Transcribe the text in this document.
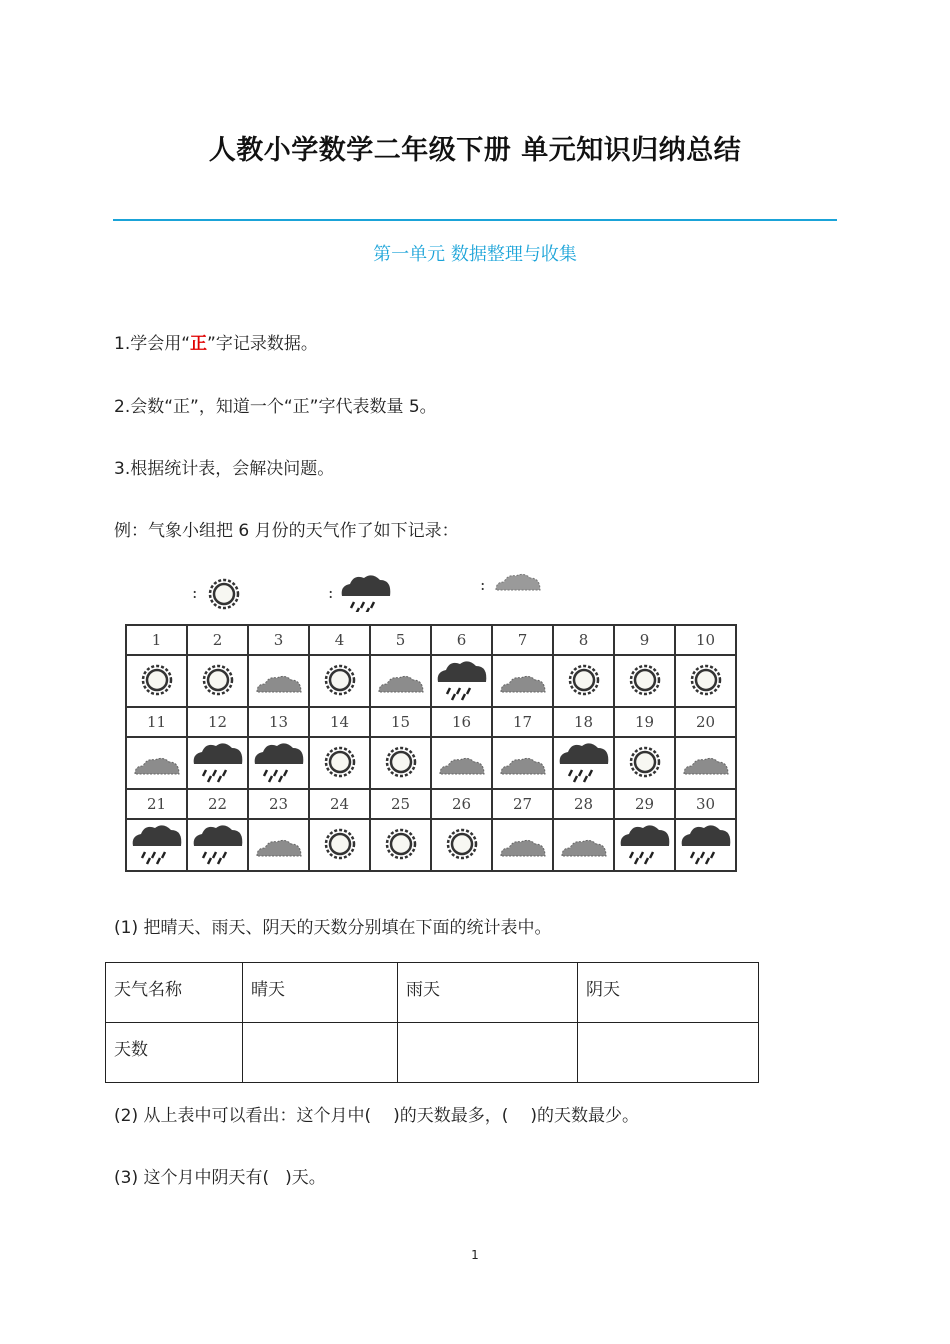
人教小学数学二年级下册 单元知识归纳总结
第一单元 数据整理与收集
1.学会用“正”字记录数据。
2.会数“正”，知道一个“正”字代表数量 5。
3.根据统计表，会解决问题。
例：气象小组把 6 月份的天气作了如下记录：
:	:	:
1	2	3	4	5	6	7	8	9	10

11	12	13	14	15	16	17	18	19	20

21	22	23	24	25	26	27	28	29	30

(1) 把晴天、雨天、阴天的天数分别填在下面的统计表中。
天气名称	晴天	雨天	阴天
天数			
(2) 从上表中可以看出：这个月中( )的天数最多，( )的天数最少。
(3) 这个月中阴天有( )天。
1
